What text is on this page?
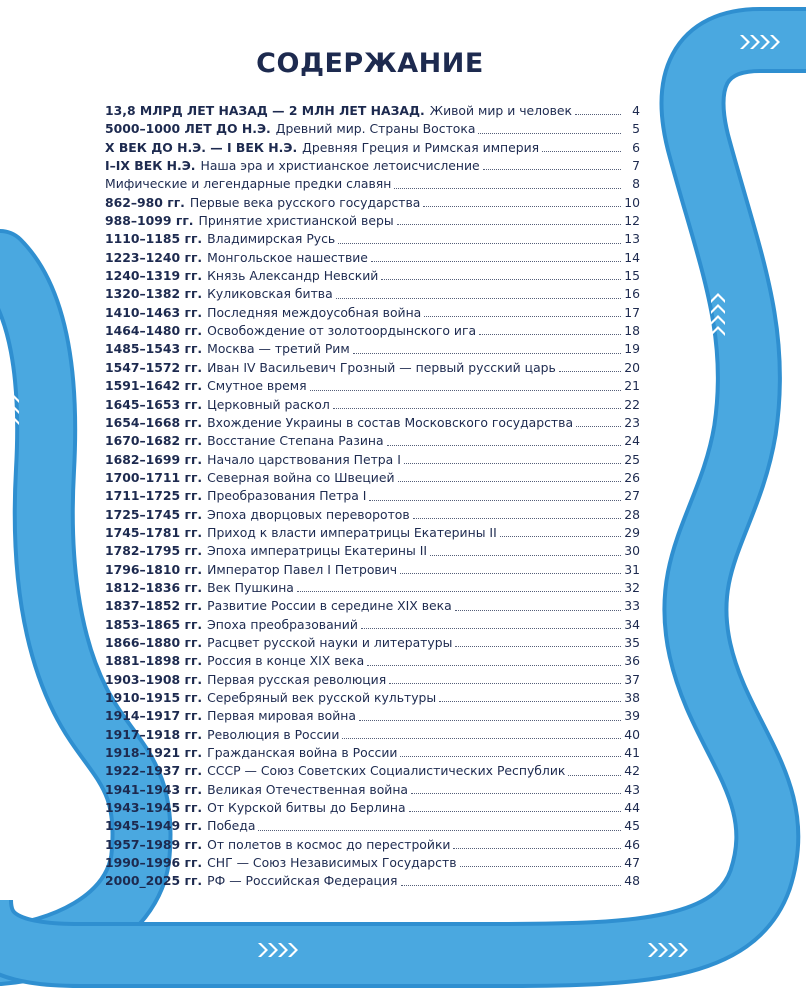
СОДЕРЖАНИЕ
13,8 МЛРД ЛЕТ НАЗАД — 2 МЛН ЛЕТ НАЗАД. Живой мир и человек	4
5000–1000 ЛЕТ ДО Н.Э. Древний мир. Страны Востока	5
X ВЕК ДО Н.Э. — I ВЕК Н.Э. Древняя Греция и Римская империя	6
I–IX ВЕК Н.Э. Наша эра и христианское летоисчисление	7
Мифические и легендарные предки славян	8
862–980 гг. Первые века русского государства	10
988–1099 гг. Принятие христианской веры	12
1110–1185 гг. Владимирская Русь	13
1223–1240 гг. Монгольское нашествие	14
1240–1319 гг. Князь Александр Невский	15
1320–1382 гг. Куликовская битва	16
1410–1463 гг. Последняя междоусобная война	17
1464–1480 гг. Освобождение от золотоордынского ига	18
1485–1543 гг. Москва — третий Рим	19
1547–1572 гг. Иван IV Васильевич Грозный — первый русский царь	20
1591–1642 гг. Смутное время	21
1645–1653 гг. Церковный раскол	22
1654–1668 гг. Вхождение Украины в состав Московского государства	23
1670–1682 гг. Восстание Степана Разина	24
1682–1699 гг. Начало царствования Петра I	25
1700–1711 гг. Северная война со Швецией	26
1711–1725 гг. Преобразования Петра I	27
1725–1745 гг. Эпоха дворцовых переворотов	28
1745–1781 гг. Приход к власти императрицы Екатерины II	29
1782–1795 гг. Эпоха императрицы Екатерины II	30
1796–1810 гг. Император Павел I Петрович	31
1812–1836 гг. Век Пушкина	32
1837–1852 гг. Развитие России в середине XIX века	33
1853–1865 гг. Эпоха преобразований	34
1866–1880 гг. Расцвет русской науки и литературы	35
1881–1898 гг. Россия в конце XIX века	36
1903–1908 гг. Первая русская революция	37
1910–1915 гг. Серебряный век русской культуры	38
1914–1917 гг. Первая мировая война	39
1917–1918 гг. Революция в России	40
1918–1921 гг. Гражданская война в России	41
1922–1937 гг. СССР — Союз Советских Социалистических Республик	42
1941–1943 гг. Великая Отечественная война	43
1943–1945 гг. От Курской битвы до Берлина	44
1945–1949 гг. Победа	45
1957–1989 гг. От полетов в космос до перестройки	46
1990–1996 гг. СНГ — Союз Независимых Государств	47
2000_2025 гг. РФ — Российская Федерация	48
